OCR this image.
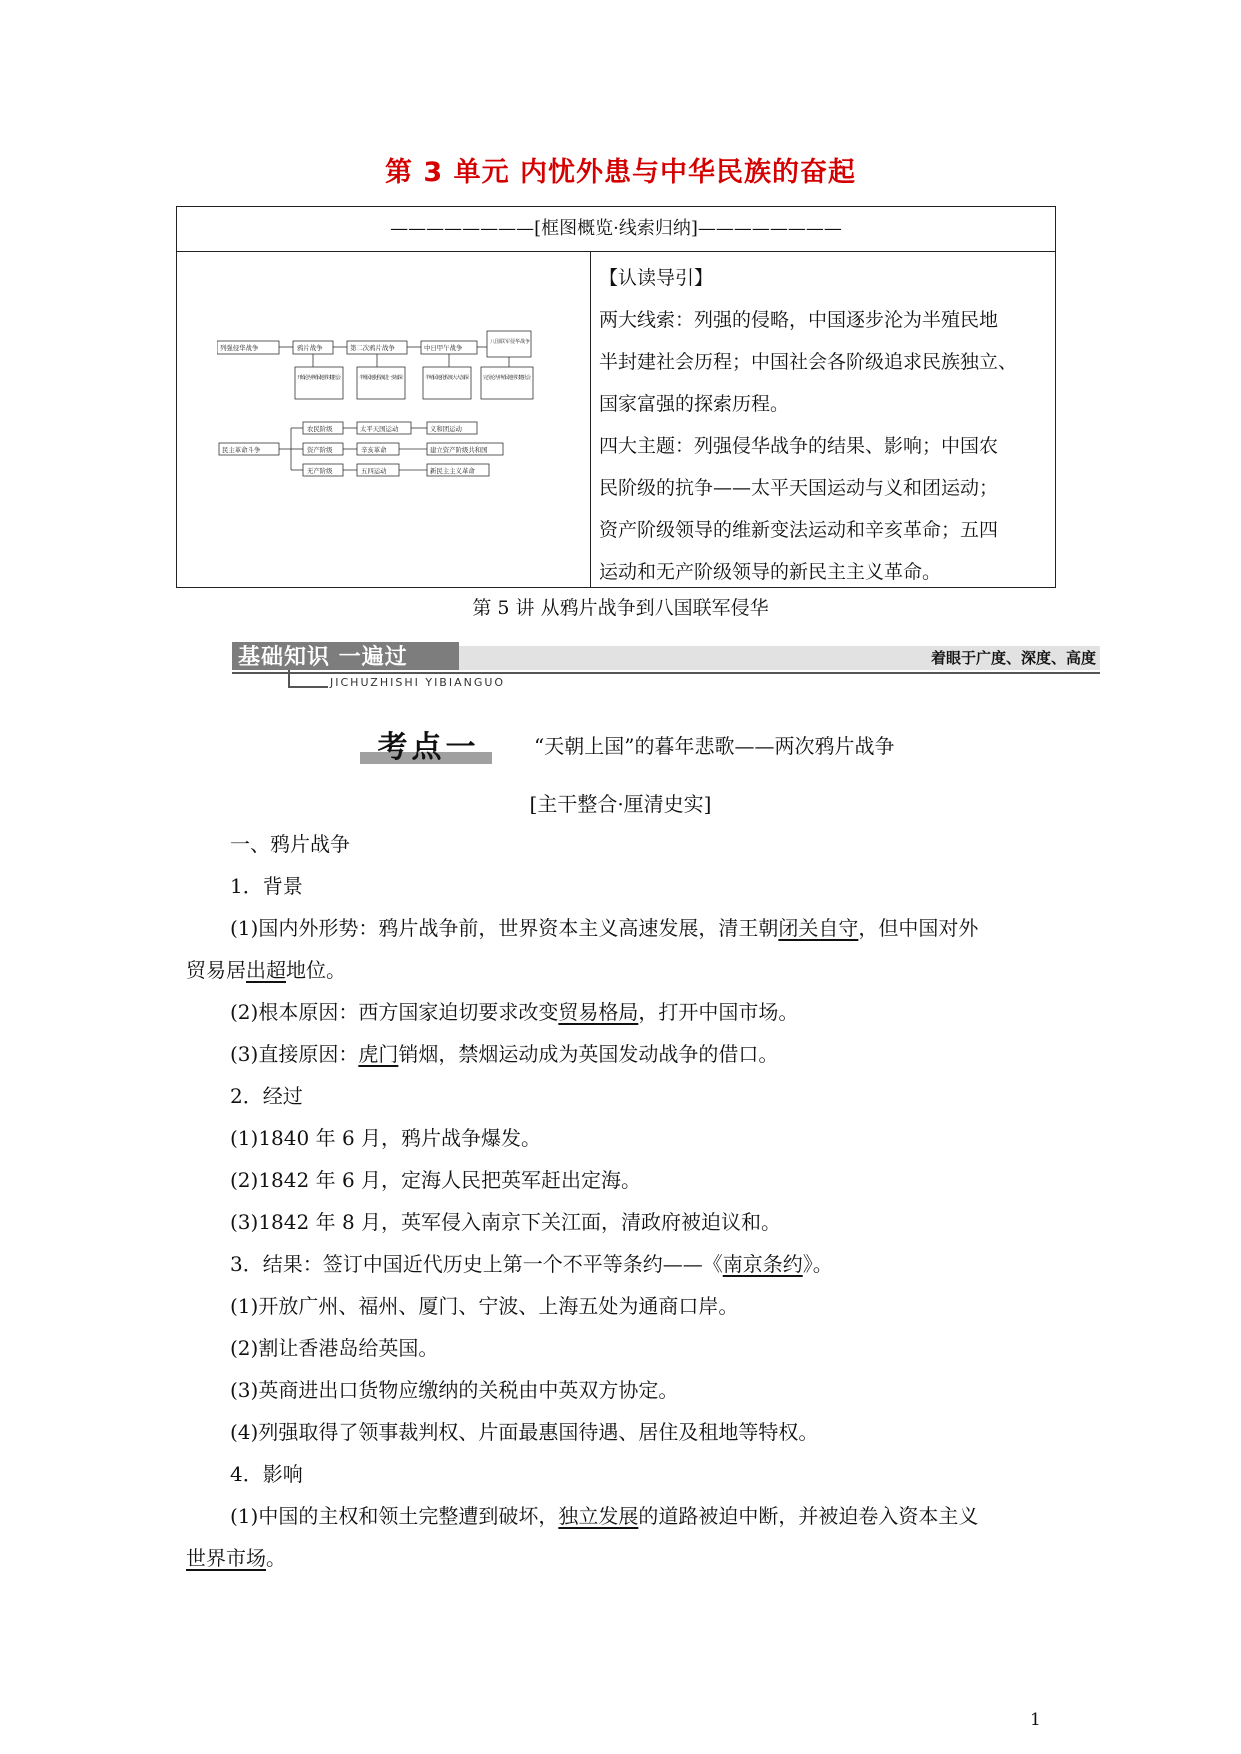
第 3 单元 内忧外患与中华民族的奋起
————————[框图概览·线索归纳]————————
列强侵华战争	鸦片战争	第二次鸦片战争	中日甲午战争
八国联军侵华战争
开始沦为半殖民地半封建社会	半殖民地化程度进一步加深	半殖民地化程度大大加深	完全沦为半殖民地半封建社会
民主革命斗争
农民阶级
资产阶级
无产阶级
太平天国运动
辛亥革命
五四运动
义和团运动
建立资产阶级共和国
新民主主义革命

【认读导引】

两大线索：列强的侵略，中国逐步沦为半殖民地

半封建社会历程；中国社会各阶级追求民族独立、

国家富强的探索历程。

四大主题：列强侵华战争的结果、影响；中国农

民阶级的抗争——太平天国运动与义和团运动；

资产阶级领导的维新变法运动和辛亥革命；五四

运动和无产阶级领导的新民主主义革命。

第 5 讲 从鸦片战争到八国联军侵华
基础知识 一遍过
JICHUZHISHI YIBIANGUO
着眼于广度、深度、高度
考点一	“天朝上国”的暮年悲歌——两次鸦片战争
[主干整合·厘清史实]
一、鸦片战争
1．背景
(1)国内外形势：鸦片战争前，世界资本主义高速发展，清王朝闭关自守，但中国对外
贸易居出超地位。
(2)根本原因：西方国家迫切要求改变贸易格局，打开中国市场。
(3)直接原因：虎门销烟，禁烟运动成为英国发动战争的借口。
2．经过
(1)1840 年 6 月，鸦片战争爆发。
(2)1842 年 6 月，定海人民把英军赶出定海。
(3)1842 年 8 月，英军侵入南京下关江面，清政府被迫议和。
3．结果：签订中国近代历史上第一个不平等条约——《南京条约》。
(1)开放广州、福州、厦门、宁波、上海五处为通商口岸。
(2)割让香港岛给英国。
(3)英商进出口货物应缴纳的关税由中英双方协定。
(4)列强取得了领事裁判权、片面最惠国待遇、居住及租地等特权。
4．影响
(1)中国的主权和领土完整遭到破坏，独立发展的道路被迫中断，并被迫卷入资本主义
世界市场。
1
